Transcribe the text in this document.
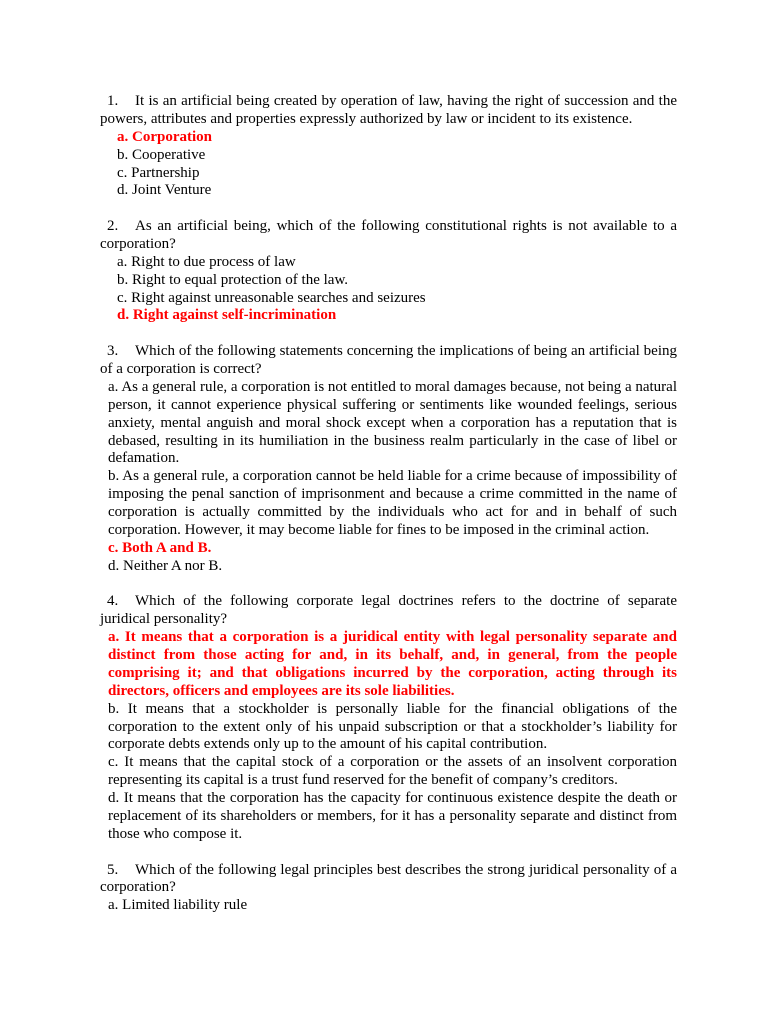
1. It is an artificial being created by operation of law, having the right of succession and the powers, attributes and properties expressly authorized by law or incident to its existence.

a. Corporation

b. Cooperative

c. Partnership

d. Joint Venture

2. As an artificial being, which of the following constitutional rights is not available to a corporation?

a. Right to due process of law

b. Right to equal protection of the law.

c. Right against unreasonable searches and seizures

d. Right against self-incrimination

3. Which of the following statements concerning the implications of being an artificial being of a corporation is correct?

a. As a general rule, a corporation is not entitled to moral damages because, not being a natural person, it cannot experience physical suffering or sentiments like wounded feelings, serious anxiety, mental anguish and moral shock except when a corporation has a reputation that is debased, resulting in its humiliation in the business realm particularly in the case of libel or defamation.

b. As a general rule, a corporation cannot be held liable for a crime because of impossibility of imposing the penal sanction of imprisonment and because a crime committed in the name of corporation is actually committed by the individuals who act for and in behalf of such corporation. However, it may become liable for fines to be imposed in the criminal action.

c. Both A and B.

d. Neither A nor B.

4. Which of the following corporate legal doctrines refers to the doctrine of separate juridical personality?

a. It means that a corporation is a juridical entity with legal personality separate and distinct from those acting for and, in its behalf, and, in general, from the people comprising it; and that obligations incurred by the corporation, acting through its directors, officers and employees are its sole liabilities.

b. It means that a stockholder is personally liable for the financial obligations of the corporation to the extent only of his unpaid subscription or that a stockholder’s liability for corporate debts extends only up to the amount of his capital contribution.

c. It means that the capital stock of a corporation or the assets of an insolvent corporation representing its capital is a trust fund reserved for the benefit of company’s creditors.

d. It means that the corporation has the capacity for continuous existence despite the death or replacement of its shareholders or members, for it has a personality separate and distinct from those who compose it.

5. Which of the following legal principles best describes the strong juridical personality of a corporation?

a. Limited liability rule
